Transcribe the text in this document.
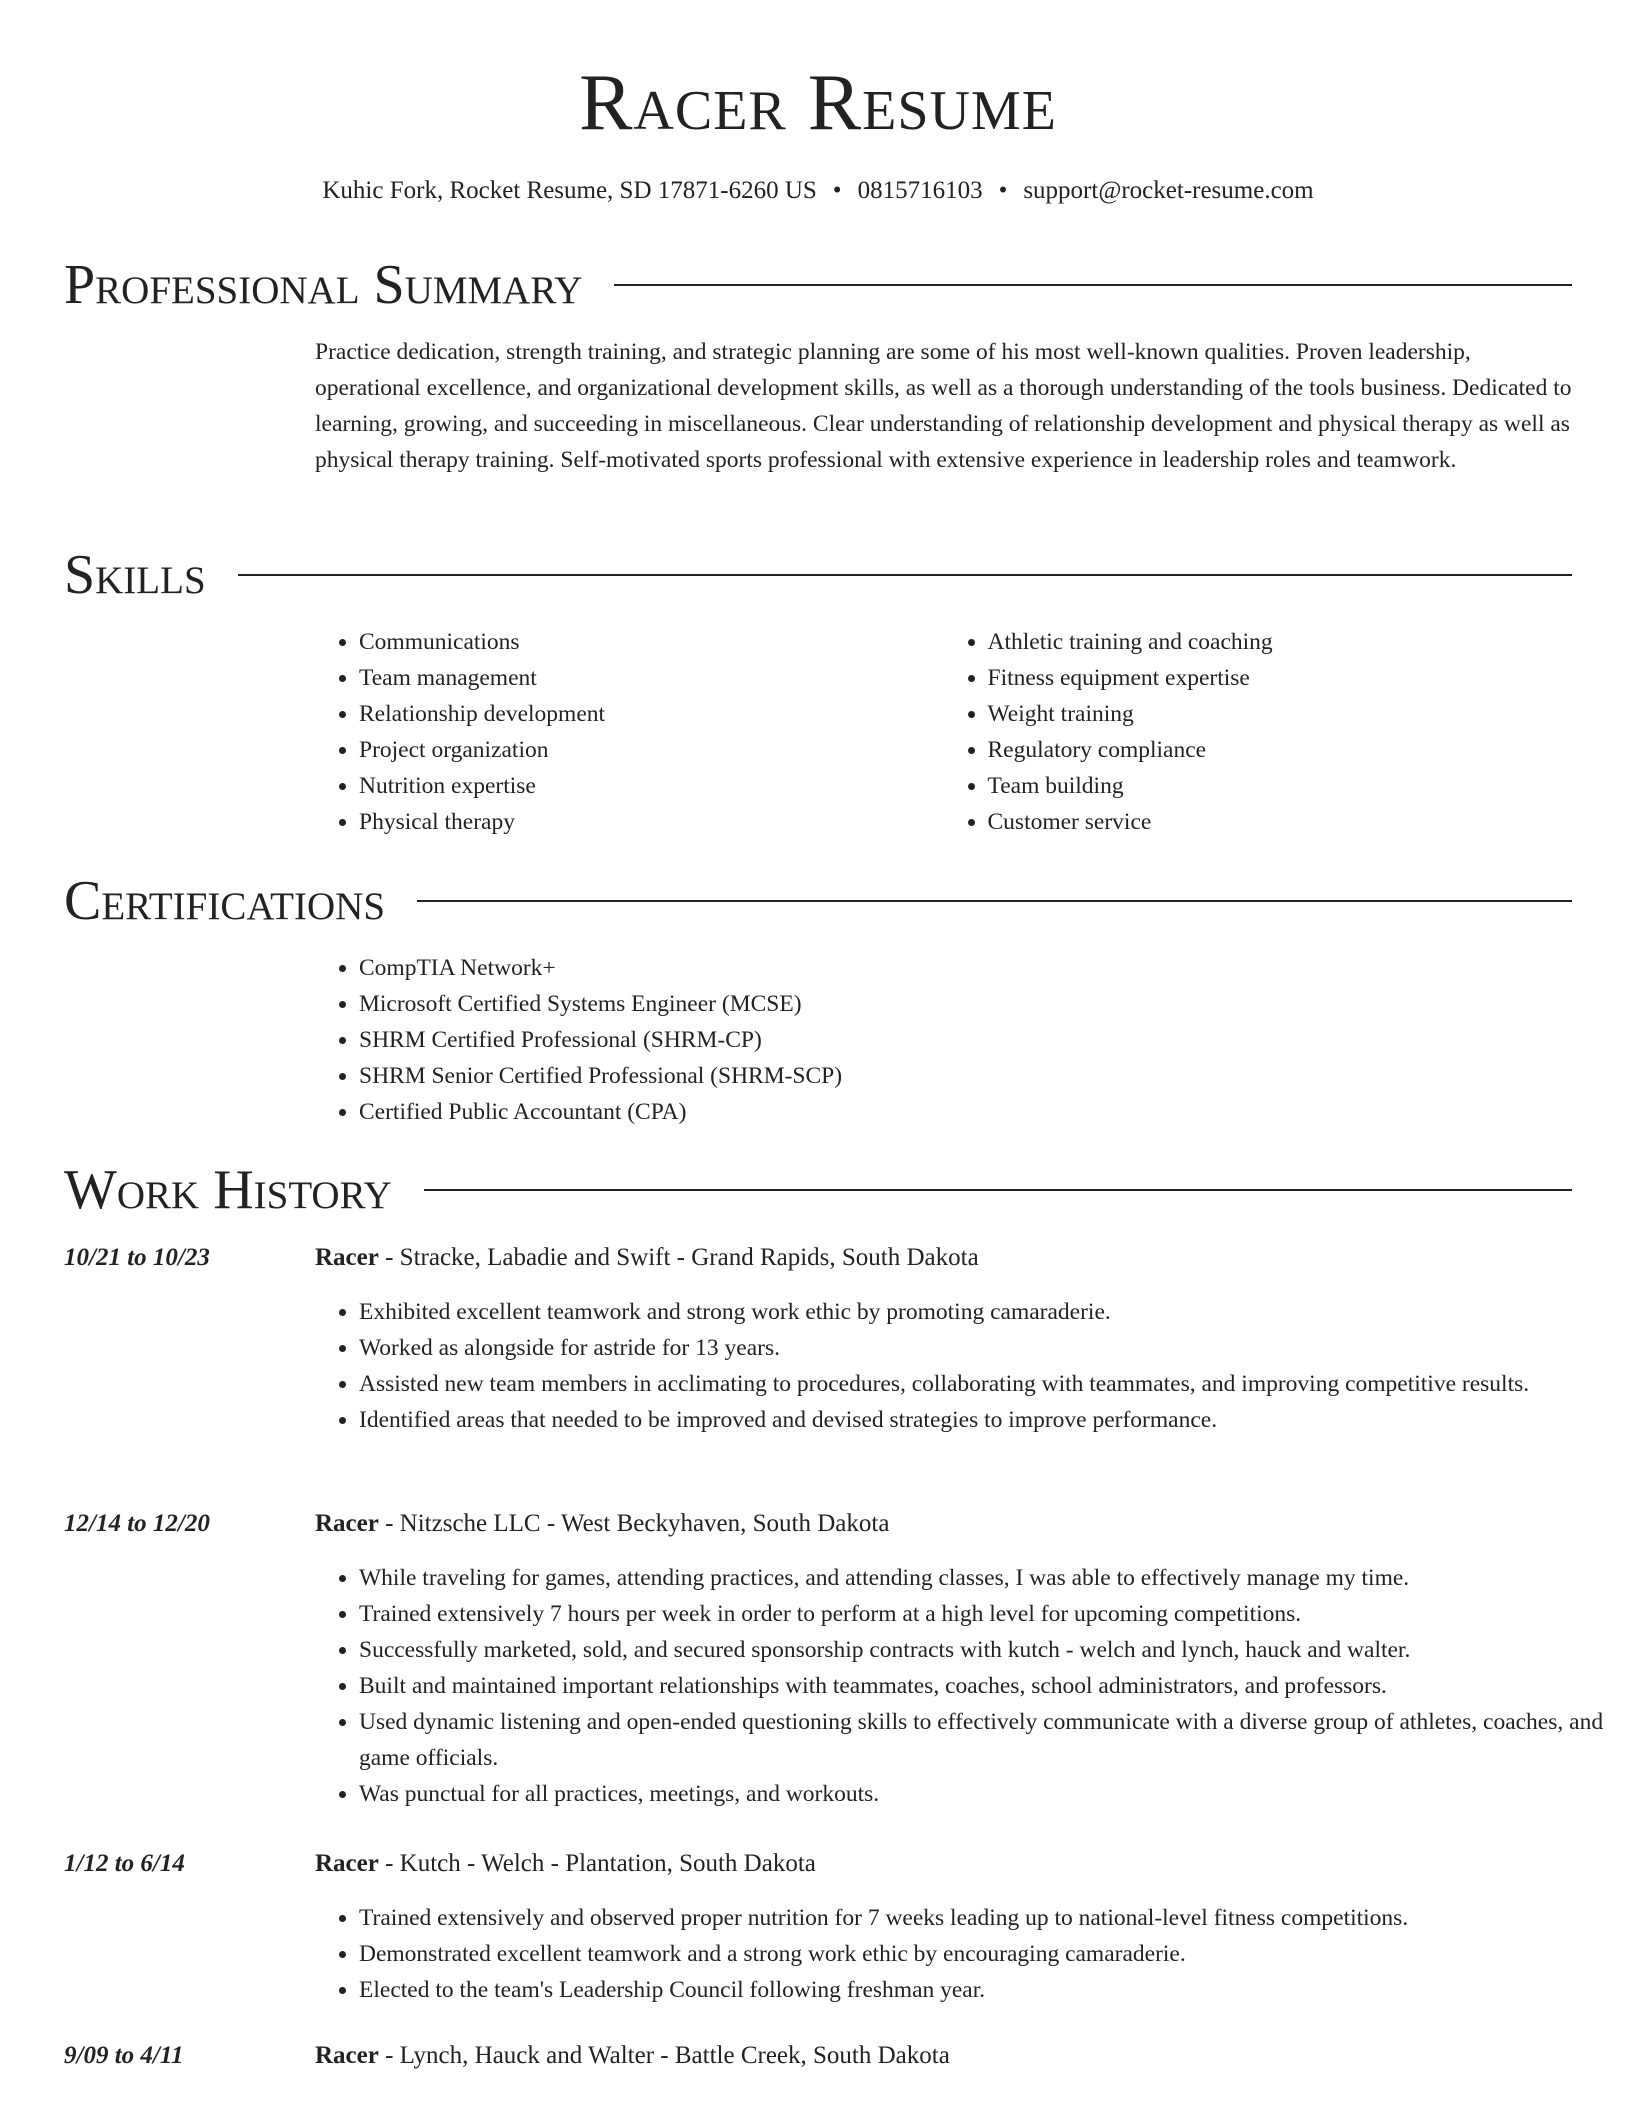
Racer Resume
Kuhic Fork, Rocket Resume, SD 17871-6260 US • 0815716103 • support@rocket-resume.com
Professional Summary

Practice dedication, strength training, and strategic planning are some of his most well-known qualities. Proven leadership, operational excellence, and organizational development skills, as well as a thorough understanding of the tools business. Dedicated to learning, growing, and succeeding in miscellaneous. Clear understanding of relationship development and physical therapy as well as physical therapy training. Self-motivated sports professional with extensive experience in leadership roles and teamwork.

Skills
• Communications
• Team management
• Relationship development
• Project organization
• Nutrition expertise
• Physical therapy
• Athletic training and coaching
• Fitness equipment expertise
• Weight training
• Regulatory compliance
• Team building
• Customer service
Certifications
• CompTIA Network+
• Microsoft Certified Systems Engineer (MCSE)
• SHRM Certified Professional (SHRM-CP)
• SHRM Senior Certified Professional (SHRM-SCP)
• Certified Public Accountant (CPA)
Work History
10/21 to 10/23	Racer - Stracke, Labadie and Swift - Grand Rapids, South Dakota
• Exhibited excellent teamwork and strong work ethic by promoting camaraderie.
• Worked as alongside for astride for 13 years.
• Assisted new team members in acclimating to procedures, collaborating with teammates, and improving competitive results.
• Identified areas that needed to be improved and devised strategies to improve performance.
12/14 to 12/20	Racer - Nitzsche LLC - West Beckyhaven, South Dakota
• While traveling for games, attending practices, and attending classes, I was able to effectively manage my time.
• Trained extensively 7 hours per week in order to perform at a high level for upcoming competitions.
• Successfully marketed, sold, and secured sponsorship contracts with kutch - welch and lynch, hauck and walter.
• Built and maintained important relationships with teammates, coaches, school administrators, and professors.
• Used dynamic listening and open-ended questioning skills to effectively communicate with a diverse group of athletes, coaches, and game officials.
• Was punctual for all practices, meetings, and workouts.
1/12 to 6/14	Racer - Kutch - Welch - Plantation, South Dakota
• Trained extensively and observed proper nutrition for 7 weeks leading up to national-level fitness competitions.
• Demonstrated excellent teamwork and a strong work ethic by encouraging camaraderie.
• Elected to the team's Leadership Council following freshman year.
9/09 to 4/11	Racer - Lynch, Hauck and Walter - Battle Creek, South Dakota
